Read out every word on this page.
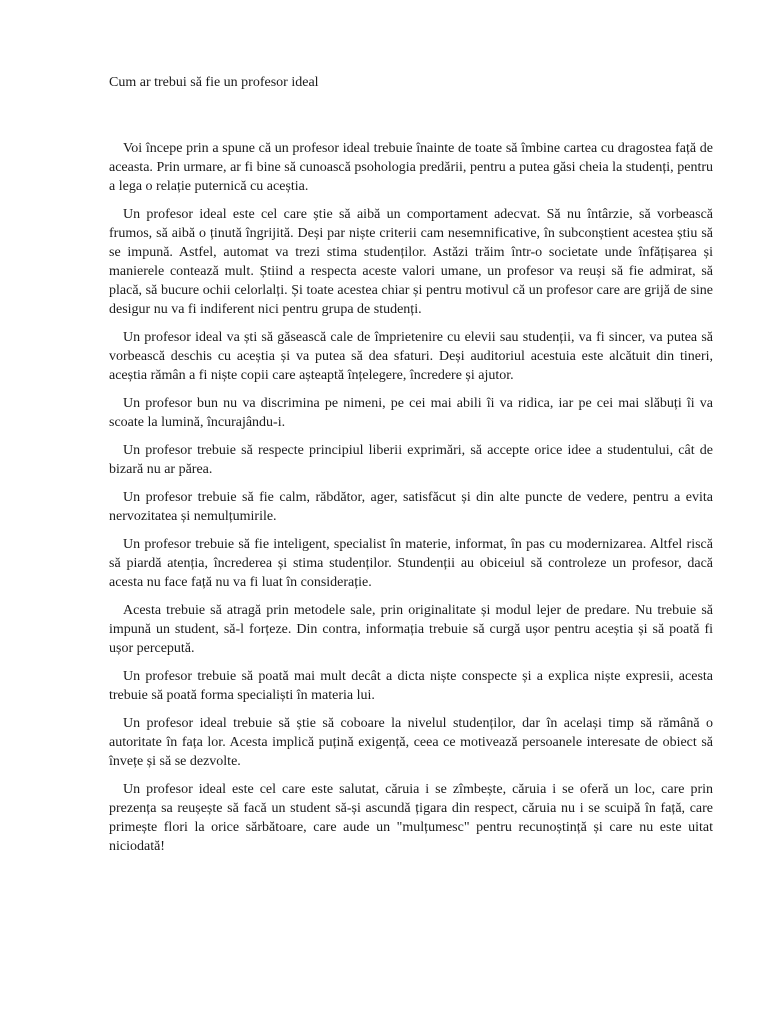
Cum ar trebui să fie un profesor ideal

Voi începe prin a spune că un profesor ideal trebuie înainte de toate să îmbine cartea cu dragostea față de aceasta. Prin urmare, ar fi bine să cunoască psohologia predării, pentru a putea găsi cheia la studenți, pentru a lega o relație puternică cu aceștia.

Un profesor ideal este cel care știe să aibă un comportament adecvat. Să nu întârzie, să vorbească frumos, să aibă o ținută îngrijită. Deși par niște criterii cam nesemnificative, în subconștient acestea știu să se impună. Astfel, automat va trezi stima studenților. Astăzi trăim într-o societate unde înfățișarea și manierele contează mult. Știind a respecta aceste valori umane, un profesor va reuși să fie admirat, să placă, să bucure ochii celorlalți. Și toate acestea chiar și pentru motivul că un profesor care are grijă de sine desigur nu va fi indiferent nici pentru grupa de studenți.

Un profesor ideal va ști să găsească cale de împrietenire cu elevii sau studenții, va fi sincer, va putea să vorbească deschis cu aceștia și va putea să dea sfaturi. Deși auditoriul acestuia este alcătuit din tineri, aceștia rămân a fi niște copii care așteaptă înțelegere, încredere și ajutor.

Un profesor bun nu va discrimina pe nimeni, pe cei mai abili îi va ridica, iar pe cei mai slăbuți îi va scoate la lumină, încurajându-i.

Un profesor trebuie să respecte principiul liberii exprimări, să accepte orice idee a studentului, cât de bizară nu ar părea.

Un profesor trebuie să fie calm, răbdător, ager, satisfăcut și din alte puncte de vedere, pentru a evita nervozitatea și nemulțumirile.

Un profesor trebuie să fie inteligent, specialist în materie, informat, în pas cu modernizarea. Altfel riscă să piardă atenția, încrederea și stima studenților. Stundenții au obiceiul să controleze un profesor, dacă acesta nu face față nu va fi luat în considerație.

Acesta trebuie să atragă prin metodele sale, prin originalitate și modul lejer de predare. Nu trebuie să impună un student, să-l forțeze. Din contra, informația trebuie să curgă ușor pentru aceștia și să poată fi ușor percepută.

Un profesor trebuie să poată mai mult decât a dicta niște conspecte și a explica niște expresii, acesta trebuie să poată forma specialiști în materia lui.

Un profesor ideal trebuie să știe să coboare la nivelul studenților, dar în același timp să rămână o autoritate în fața lor. Acesta implică puțină exigență, ceea ce motivează persoanele interesate de obiect să învețe și să se dezvolte.

Un profesor ideal este cel care este salutat, căruia i se zîmbește, căruia i se oferă un loc, care prin prezența sa reușește să facă un student să-și ascundă țigara din respect, căruia nu i se scuipă în față, care primește flori la orice sărbătoare, care aude un "mulțumesc" pentru recunoștință și care nu este uitat niciodată!
